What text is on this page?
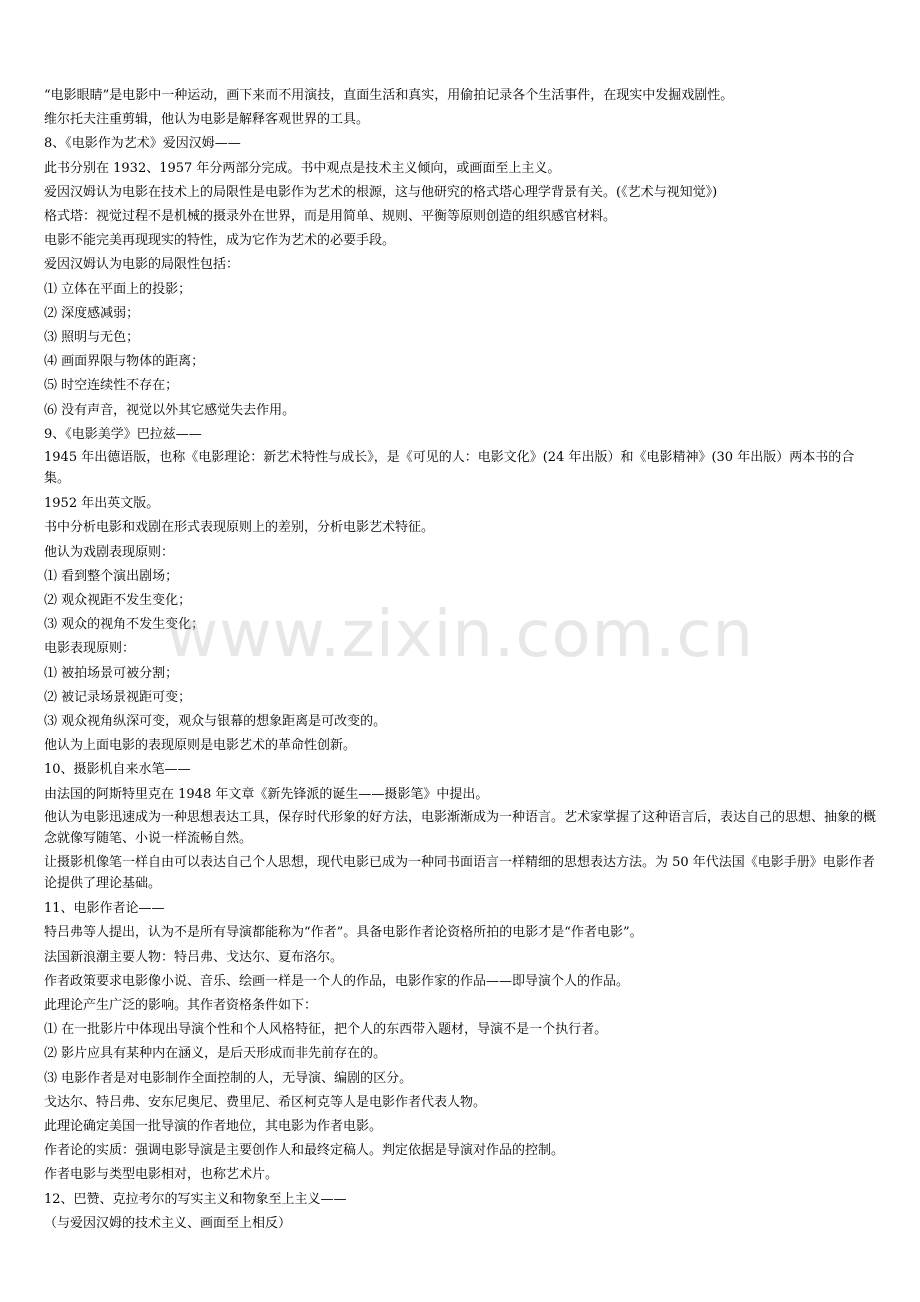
“电影眼睛”是电影中一种运动，画下来而不用演技，直面生活和真实，用偷拍记录各个生活事件，在现实中发掘戏剧性。
维尔托夫注重剪辑，他认为电影是解释客观世界的工具。
8、《电影作为艺术》爱因汉姆——
此书分别在 1932、1957 年分两部分完成。书中观点是技术主义倾向，或画面至上主义。
爱因汉姆认为电影在技术上的局限性是电影作为艺术的根源，这与他研究的格式塔心理学背景有关。(《艺术与视知觉》)
格式塔：视觉过程不是机械的摄录外在世界，而是用简单、规则、平衡等原则创造的组织感官材料。
电影不能完美再现现实的特性，成为它作为艺术的必要手段。
爱因汉姆认为电影的局限性包括：
⑴ 立体在平面上的投影；
⑵ 深度感减弱；
⑶ 照明与无色；
⑷ 画面界限与物体的距离；
⑸ 时空连续性不存在；
⑹ 没有声音，视觉以外其它感觉失去作用。
9、《电影美学》巴拉兹——
1945 年出德语版，也称《电影理论：新艺术特性与成长》，是《可见的人：电影文化》(24 年出版）和《电影精神》(30 年出版）两本书的合集。
1952 年出英文版。
书中分析电影和戏剧在形式表现原则上的差别，分析电影艺术特征。
他认为戏剧表现原则：
⑴ 看到整个演出剧场；
⑵ 观众视距不发生变化；
⑶ 观众的视角不发生变化；
电影表现原则：
⑴ 被拍场景可被分割；
⑵ 被记录场景视距可变；
⑶ 观众视角纵深可变，观众与银幕的想象距离是可改变的。
他认为上面电影的表现原则是电影艺术的革命性创新。
10、摄影机自来水笔——
由法国的阿斯特里克在 1948 年文章《新先锋派的诞生——摄影笔》中提出。
他认为电影迅速成为一种思想表达工具，保存时代形象的好方法，电影渐渐成为一种语言。艺术家掌握了这种语言后，表达自己的思想、抽象的概念就像写随笔、小说一样流畅自然。
让摄影机像笔一样自由可以表达自己个人思想，现代电影已成为一种同书面语言一样精细的思想表达方法。为 50 年代法国《电影手册》电影作者论提供了理论基础。
11、电影作者论——
特吕弗等人提出，认为不是所有导演都能称为“作者”。具备电影作者论资格所拍的电影才是“作者电影”。
法国新浪潮主要人物：特吕弗、戈达尔、夏布洛尔。
作者政策要求电影像小说、音乐、绘画一样是一个人的作品，电影作家的作品——即导演个人的作品。
此理论产生广泛的影响。其作者资格条件如下：
⑴ 在一批影片中体现出导演个性和个人风格特征，把个人的东西带入题材，导演不是一个执行者。
⑵ 影片应具有某种内在涵义，是后天形成而非先前存在的。
⑶ 电影作者是对电影制作全面控制的人，无导演、编剧的区分。
戈达尔、特吕弗、安东尼奥尼、费里尼、希区柯克等人是电影作者代表人物。
此理论确定美国一批导演的作者地位，其电影为作者电影。
作者论的实质：强调电影导演是主要创作人和最终定稿人。判定依据是导演对作品的控制。
作者电影与类型电影相对，也称艺术片。
12、巴赞、克拉考尔的写实主义和物象至上主义——
（与爱因汉姆的技术主义、画面至上相反）
www.zixin.com.cn
